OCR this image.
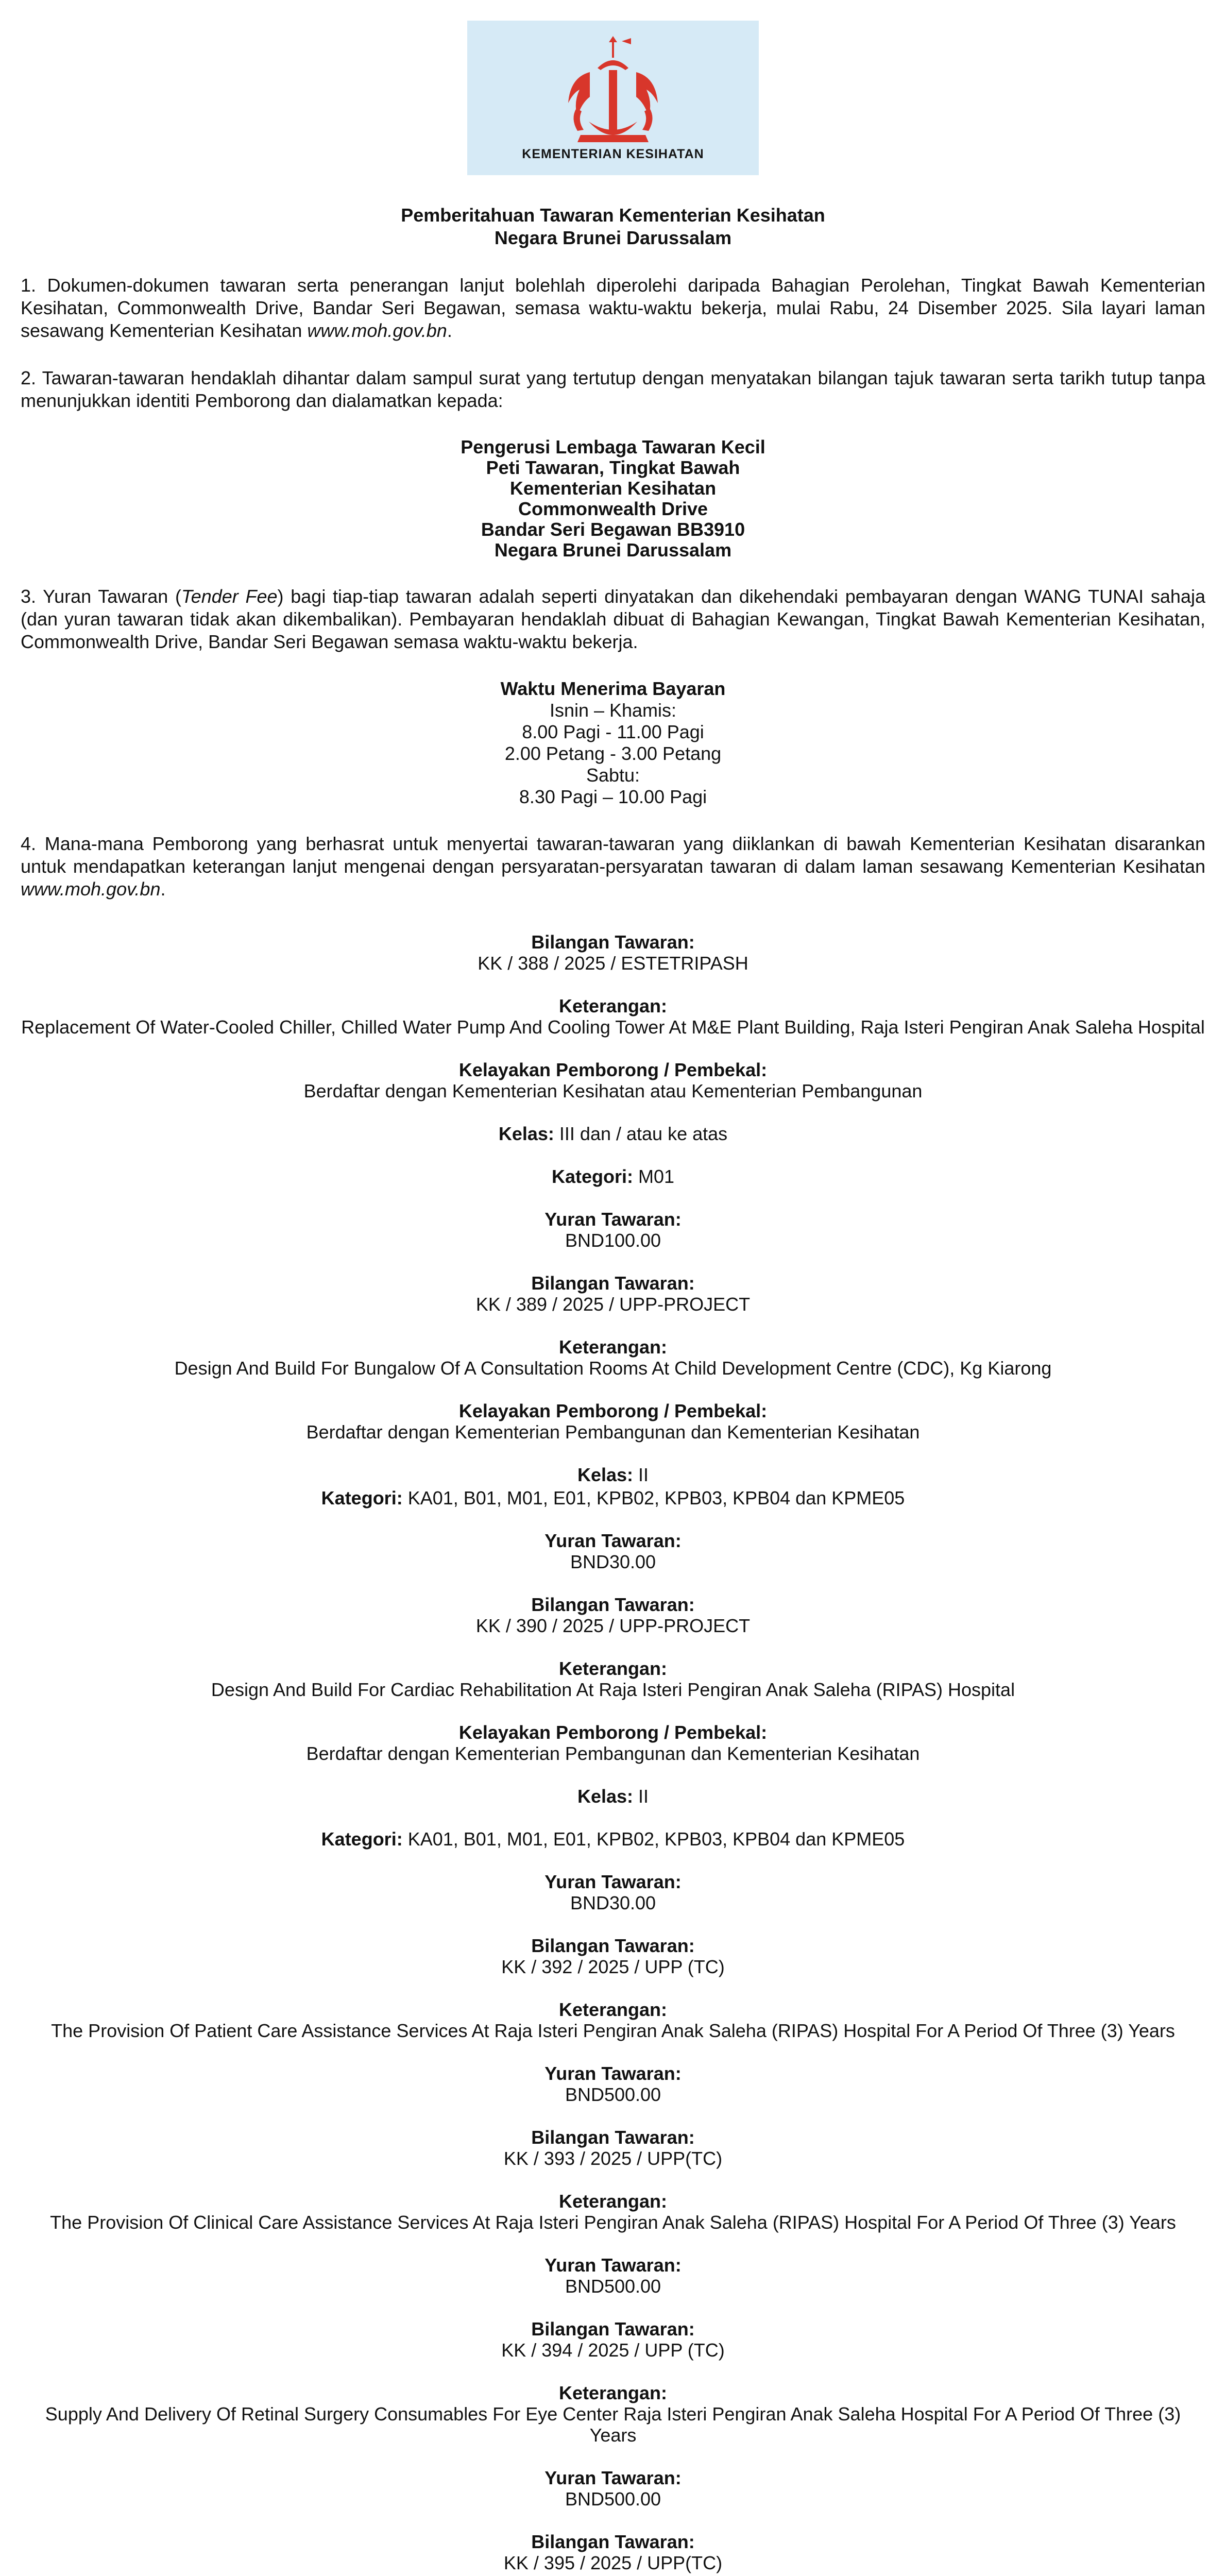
KEMENTERIAN KESIHATAN
Pemberitahuan Tawaran Kementerian Kesihatan
Negara Brunei Darussalam

1. Dokumen-dokumen tawaran serta penerangan lanjut bolehlah diperolehi daripada Bahagian Perolehan, Tingkat Bawah Kementerian Kesihatan, Commonwealth Drive, Bandar Seri Begawan, semasa waktu-waktu bekerja, mulai Rabu, 24 Disember 2025. Sila layari laman sesawang Kementerian Kesihatan www.moh.gov.bn.

2. Tawaran-tawaran hendaklah dihantar dalam sampul surat yang tertutup dengan menyatakan bilangan tajuk tawaran serta tarikh tutup tanpa menunjukkan identiti Pemborong dan dialamatkan kepada:

Pengerusi Lembaga Tawaran Kecil
Peti Tawaran, Tingkat Bawah
Kementerian Kesihatan
Commonwealth Drive
Bandar Seri Begawan BB3910
Negara Brunei Darussalam

3. Yuran Tawaran (Tender Fee) bagi tiap-tiap tawaran adalah seperti dinyatakan dan dikehendaki pembayaran dengan WANG TUNAI sahaja (dan yuran tawaran tidak akan dikembalikan). Pembayaran hendaklah dibuat di Bahagian Kewangan, Tingkat Bawah Kementerian Kesihatan, Commonwealth Drive, Bandar Seri Begawan semasa waktu-waktu bekerja.

Waktu Menerima Bayaran
Isnin – Khamis:
8.00 Pagi - 11.00 Pagi
2.00 Petang - 3.00 Petang
Sabtu:
8.30 Pagi – 10.00 Pagi

4. Mana-mana Pemborong yang berhasrat untuk menyertai tawaran-tawaran yang diiklankan di bawah Kementerian Kesihatan disarankan untuk mendapatkan keterangan lanjut mengenai dengan persyaratan-persyaratan tawaran di dalam laman sesawang Kementerian Kesihatan www.moh.gov.bn.

Bilangan Tawaran:
KK / 388 / 2025 / ESTETRIPASH
Keterangan:
Replacement Of Water-Cooled Chiller, Chilled Water Pump And Cooling Tower At M&E Plant Building, Raja Isteri Pengiran Anak Saleha Hospital
Kelayakan Pemborong / Pembekal:
Berdaftar dengan Kementerian Kesihatan atau Kementerian Pembangunan
Kelas: III dan / atau ke atas
Kategori: M01
Yuran Tawaran:
BND100.00
Bilangan Tawaran:
KK / 389 / 2025 / UPP-PROJECT
Keterangan:
Design And Build For Bungalow Of A Consultation Rooms At Child Development Centre (CDC), Kg Kiarong
Kelayakan Pemborong / Pembekal:
Berdaftar dengan Kementerian Pembangunan dan Kementerian Kesihatan
Kelas: II
Kategori: KA01, B01, M01, E01, KPB02, KPB03, KPB04 dan KPME05
Yuran Tawaran:
BND30.00
Bilangan Tawaran:
KK / 390 / 2025 / UPP-PROJECT
Keterangan:
Design And Build For Cardiac Rehabilitation At Raja Isteri Pengiran Anak Saleha (RIPAS) Hospital
Kelayakan Pemborong / Pembekal:
Berdaftar dengan Kementerian Pembangunan dan Kementerian Kesihatan
Kelas: II
Kategori: KA01, B01, M01, E01, KPB02, KPB03, KPB04 dan KPME05
Yuran Tawaran:
BND30.00
Bilangan Tawaran:
KK / 392 / 2025 / UPP (TC)
Keterangan:
The Provision Of Patient Care Assistance Services At Raja Isteri Pengiran Anak Saleha (RIPAS) Hospital For A Period Of Three (3) Years
Yuran Tawaran:
BND500.00
Bilangan Tawaran:
KK / 393 / 2025 / UPP(TC)
Keterangan:
The Provision Of Clinical Care Assistance Services At Raja Isteri Pengiran Anak Saleha (RIPAS) Hospital For A Period Of Three (3) Years
Yuran Tawaran:
BND500.00
Bilangan Tawaran:
KK / 394 / 2025 / UPP (TC)
Keterangan:
Supply And Delivery Of Retinal Surgery Consumables For Eye Center Raja Isteri Pengiran Anak Saleha Hospital For A Period Of Three (3) Years
Yuran Tawaran:
BND500.00
Bilangan Tawaran:
KK / 395 / 2025 / UPP(TC)
